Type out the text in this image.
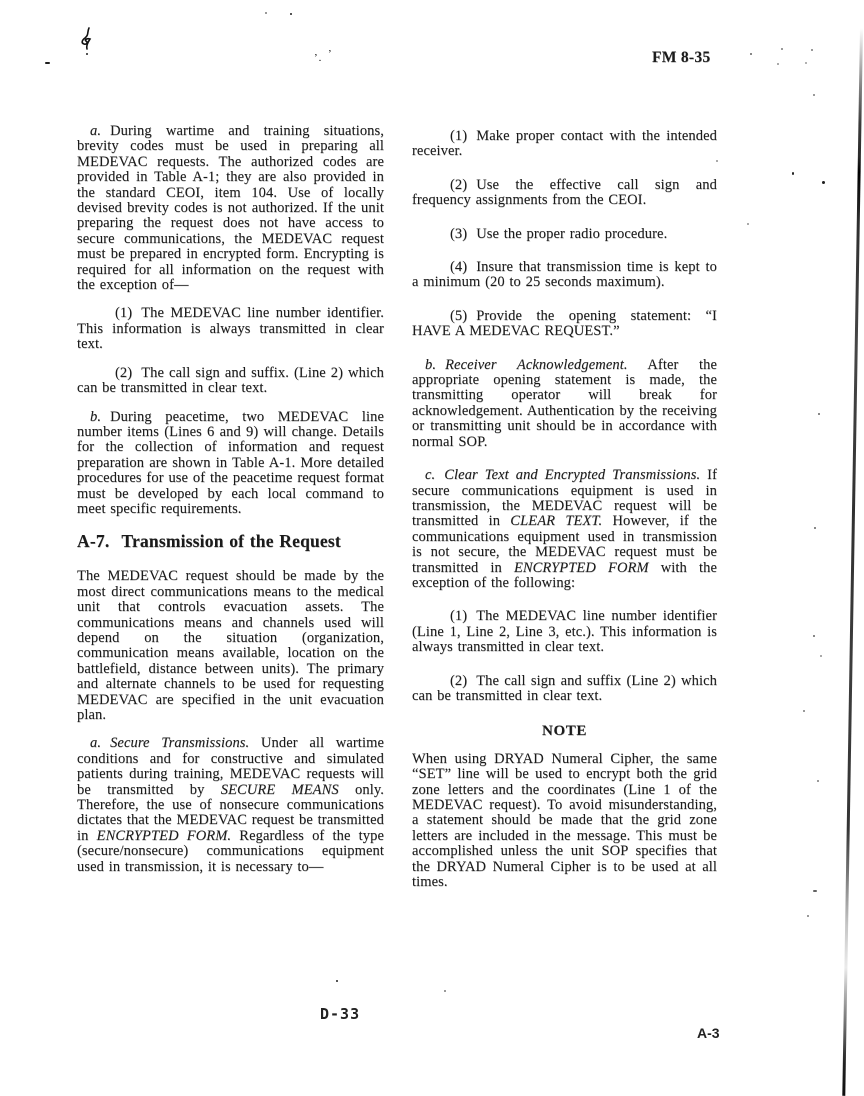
FM 8-35

a. During wartime and training situations, brevity codes must be used in preparing all MEDEVAC requests. The authorized codes are provided in Table A-1; they are also provided in the standard CEOI, item 104. Use of locally devised brevity codes is not authorized. If the unit preparing the request does not have access to secure communications, the MEDEVAC request must be prepared in encrypted form. Encrypting is required for all information on the request with the exception of—

(1) The MEDEVAC line number identifier. This information is always transmitted in clear text.

(2) The call sign and suffix. (Line 2) which can be transmitted in clear text.

b. During peacetime, two MEDEVAC line number items (Lines 6 and 9) will change. Details for the collection of information and request preparation are shown in Table A-1. More detailed procedures for use of the peacetime request format must be developed by each local command to meet specific requirements.

A-7. Transmission of the Request

The MEDEVAC request should be made by the most direct communications means to the medical unit that controls evacuation assets. The communications means and channels used will depend on the situation (organization, communication means available, location on the battlefield, distance between units). The primary and alternate channels to be used for requesting MEDEVAC are specified in the unit evacuation plan.

a. Secure Transmissions. Under all wartime conditions and for constructive and simulated patients during training, MEDEVAC requests will be transmitted by SECURE MEANS only. Therefore, the use of nonsecure communications dictates that the MEDEVAC request be transmitted in ENCRYPTED FORM. Regardless of the type (secure/nonsecure) communications equipment used in transmission, it is necessary to—

(1) Make proper contact with the intended receiver.

(2) Use the effective call sign and frequency assignments from the CEOI.

(3) Use the proper radio procedure.

(4) Insure that transmission time is kept to a minimum (20 to 25 seconds maximum).

(5) Provide the opening statement: “I HAVE A MEDEVAC REQUEST.”

b. Receiver Acknowledgement. After the appropriate opening statement is made, the transmitting operator will break for acknowledgement. Authentication by the receiving or transmitting unit should be in accordance with normal SOP.

c. Clear Text and Encrypted Transmissions. If secure communications equipment is used in transmission, the MEDEVAC request will be transmitted in CLEAR TEXT. However, if the communications equipment used in transmission is not secure, the MEDEVAC request must be transmitted in ENCRYPTED FORM with the exception of the following:

(1) The MEDEVAC line number identifier (Line 1, Line 2, Line 3, etc.). This information is always transmitted in clear text.

(2) The call sign and suffix (Line 2) which can be transmitted in clear text.

NOTE

When using DRYAD Numeral Cipher, the same “SET” line will be used to encrypt both the grid zone letters and the coordinates (Line 1 of the MEDEVAC request). To avoid misunderstanding, a statement should be made that the grid zone letters are included in the message. This must be accomplished unless the unit SOP specifies that the DRYAD Numeral Cipher is to be used at all times.

D-33
A-3
’ . ’
